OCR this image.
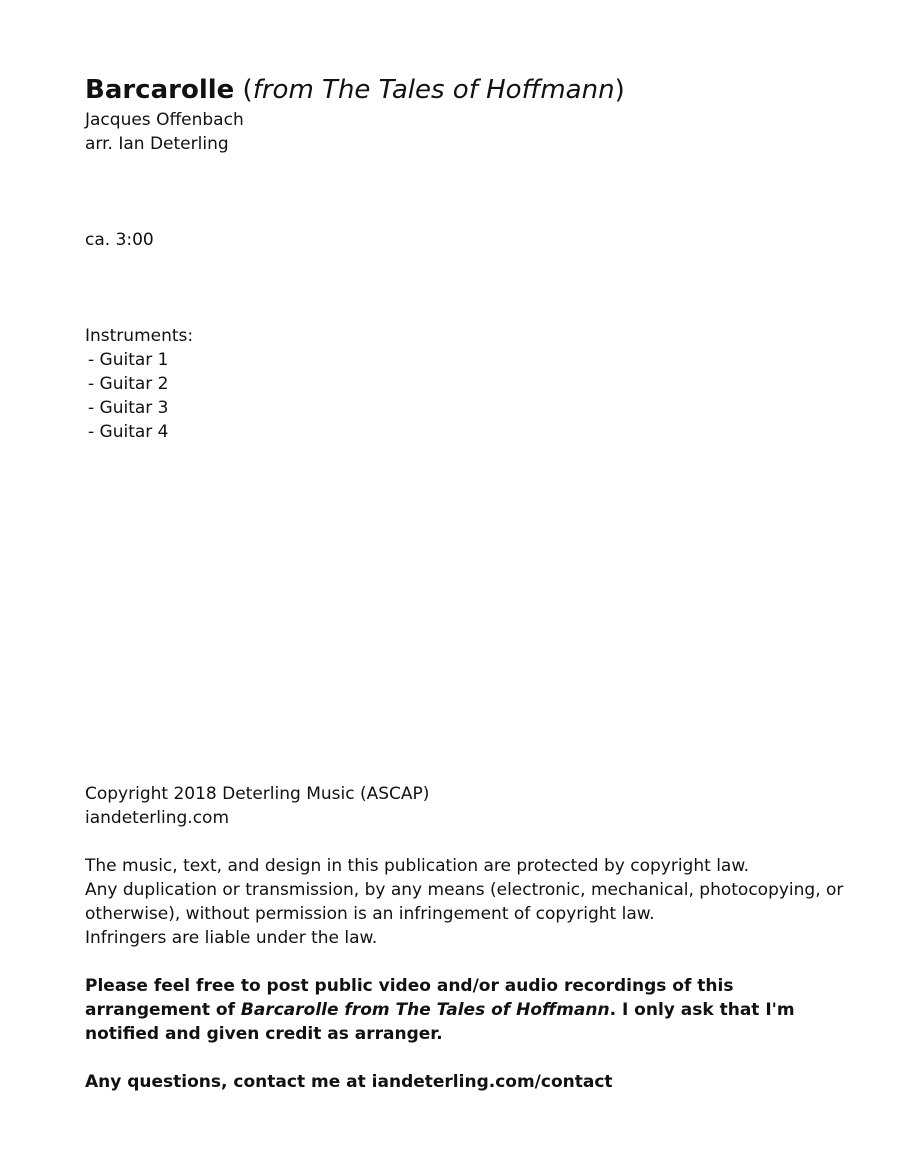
Barcarolle (from The Tales of Hoffmann)
Jacques Offenbach
arr. Ian Deterling
ca. 3:00
Instruments:
- Guitar 1
- Guitar 2
- Guitar 3
- Guitar 4
Copyright 2018 Deterling Music (ASCAP)
iandeterling.com
The music, text, and design in this publication are protected by copyright law.
Any duplication or transmission, by any means (electronic, mechanical, photocopying, or
otherwise), without permission is an infringement of copyright law.
Infringers are liable under the law.
Please feel free to post public video and/or audio recordings of this arrangement of Barcarolle from The Tales of Hoffmann. I only ask that I'm notified and given credit as arranger.
Any questions, contact me at iandeterling.com/contact
